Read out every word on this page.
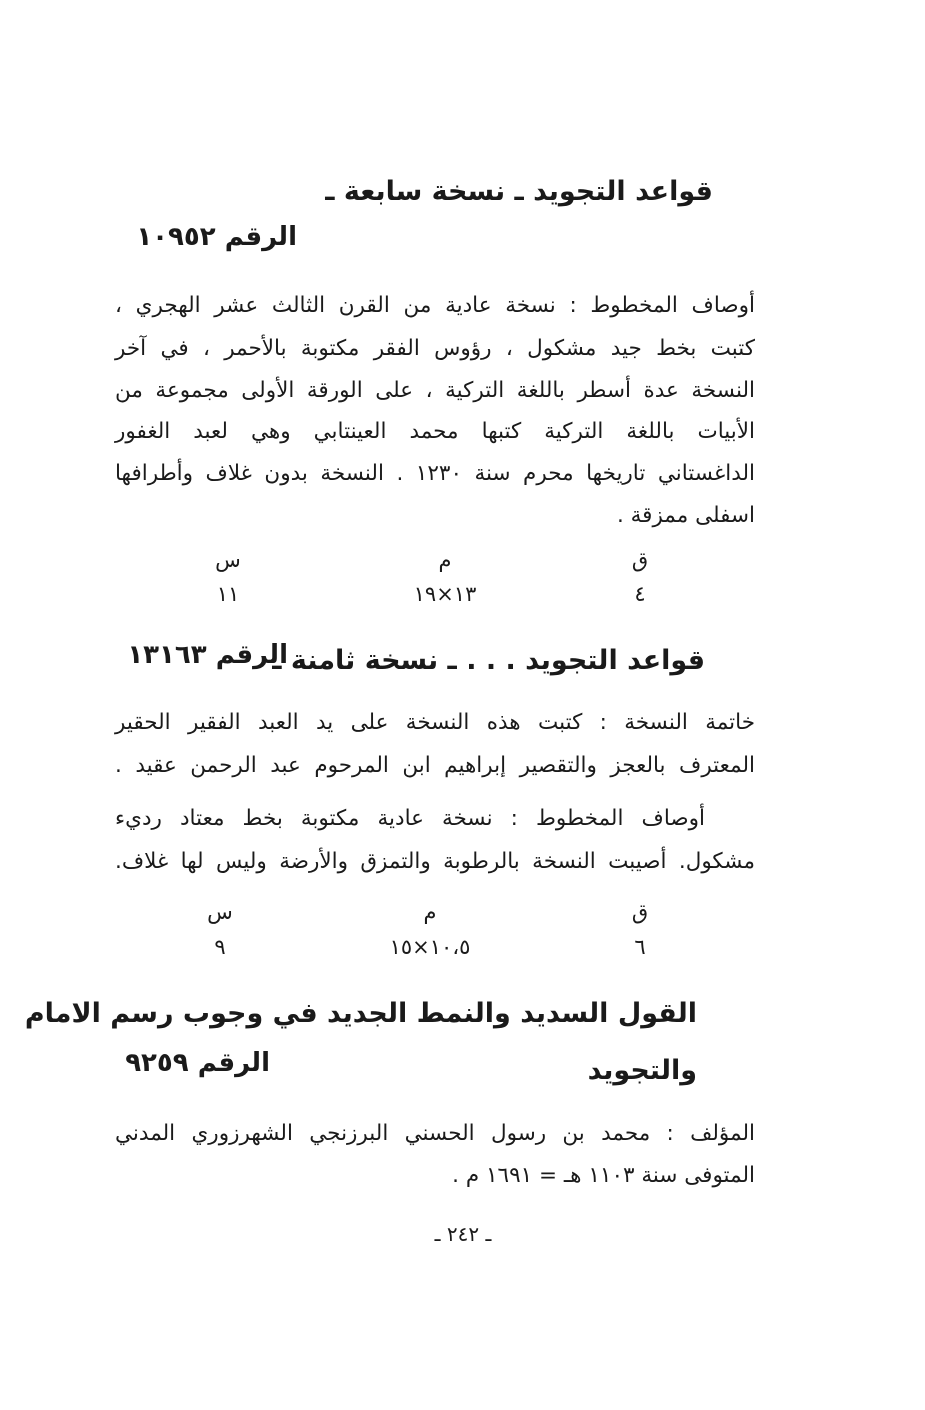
قواعد التجويد ـ نسخة سابعة ـ
الرقم ١٠٩٥٢
أوصاف المخطوط : نسخة عادية من القرن الثالث عشر الهجري ،
كتبت بخط جيد مشكول ، رؤوس الفقر مكتوبة بالأحمر ، في آخر
النسخة عدة أسطر باللغة التركية ، على الورقة الأولى مجموعة من
الأبيات باللغة التركية كتبها محمد العينتابي وهي لعبد الغفور
الداغستاني تاريخها محرم سنة ١٢٣٠ . النسخة بدون غلاف وأطرافها
اسفلى ممزقة .
ق
م
س
٤
١٣×١٩
١١
قواعد التجويد . . . ـ نسخة ثامنة ـ
الرقم ١٣١٦٣
خاتمة النسخة : كتبت هذه النسخة على يد العبد الفقير الحقير
المعترف بالعجز والتقصير إبراهيم ابن المرحوم عبد الرحمن عقيد .
أوصاف المخطوط : نسخة عادية مكتوبة بخط معتاد رديء
مشكول. أصيبت النسخة بالرطوبة والتمزق والأرضة وليس لها غلاف.
ق
م
س
٦
١٠،٥×١٥
٩
القول السديد والنمط الجديد في وجوب رسم الامام
والتجويد
الرقم ٩٢٥٩
المؤلف : محمد بن رسول الحسني البرزنجي الشهرزوري المدني
المتوفى سنة ١١٠٣ هـ = ١٦٩١ م .
ـ ٢٤٢ ـ
